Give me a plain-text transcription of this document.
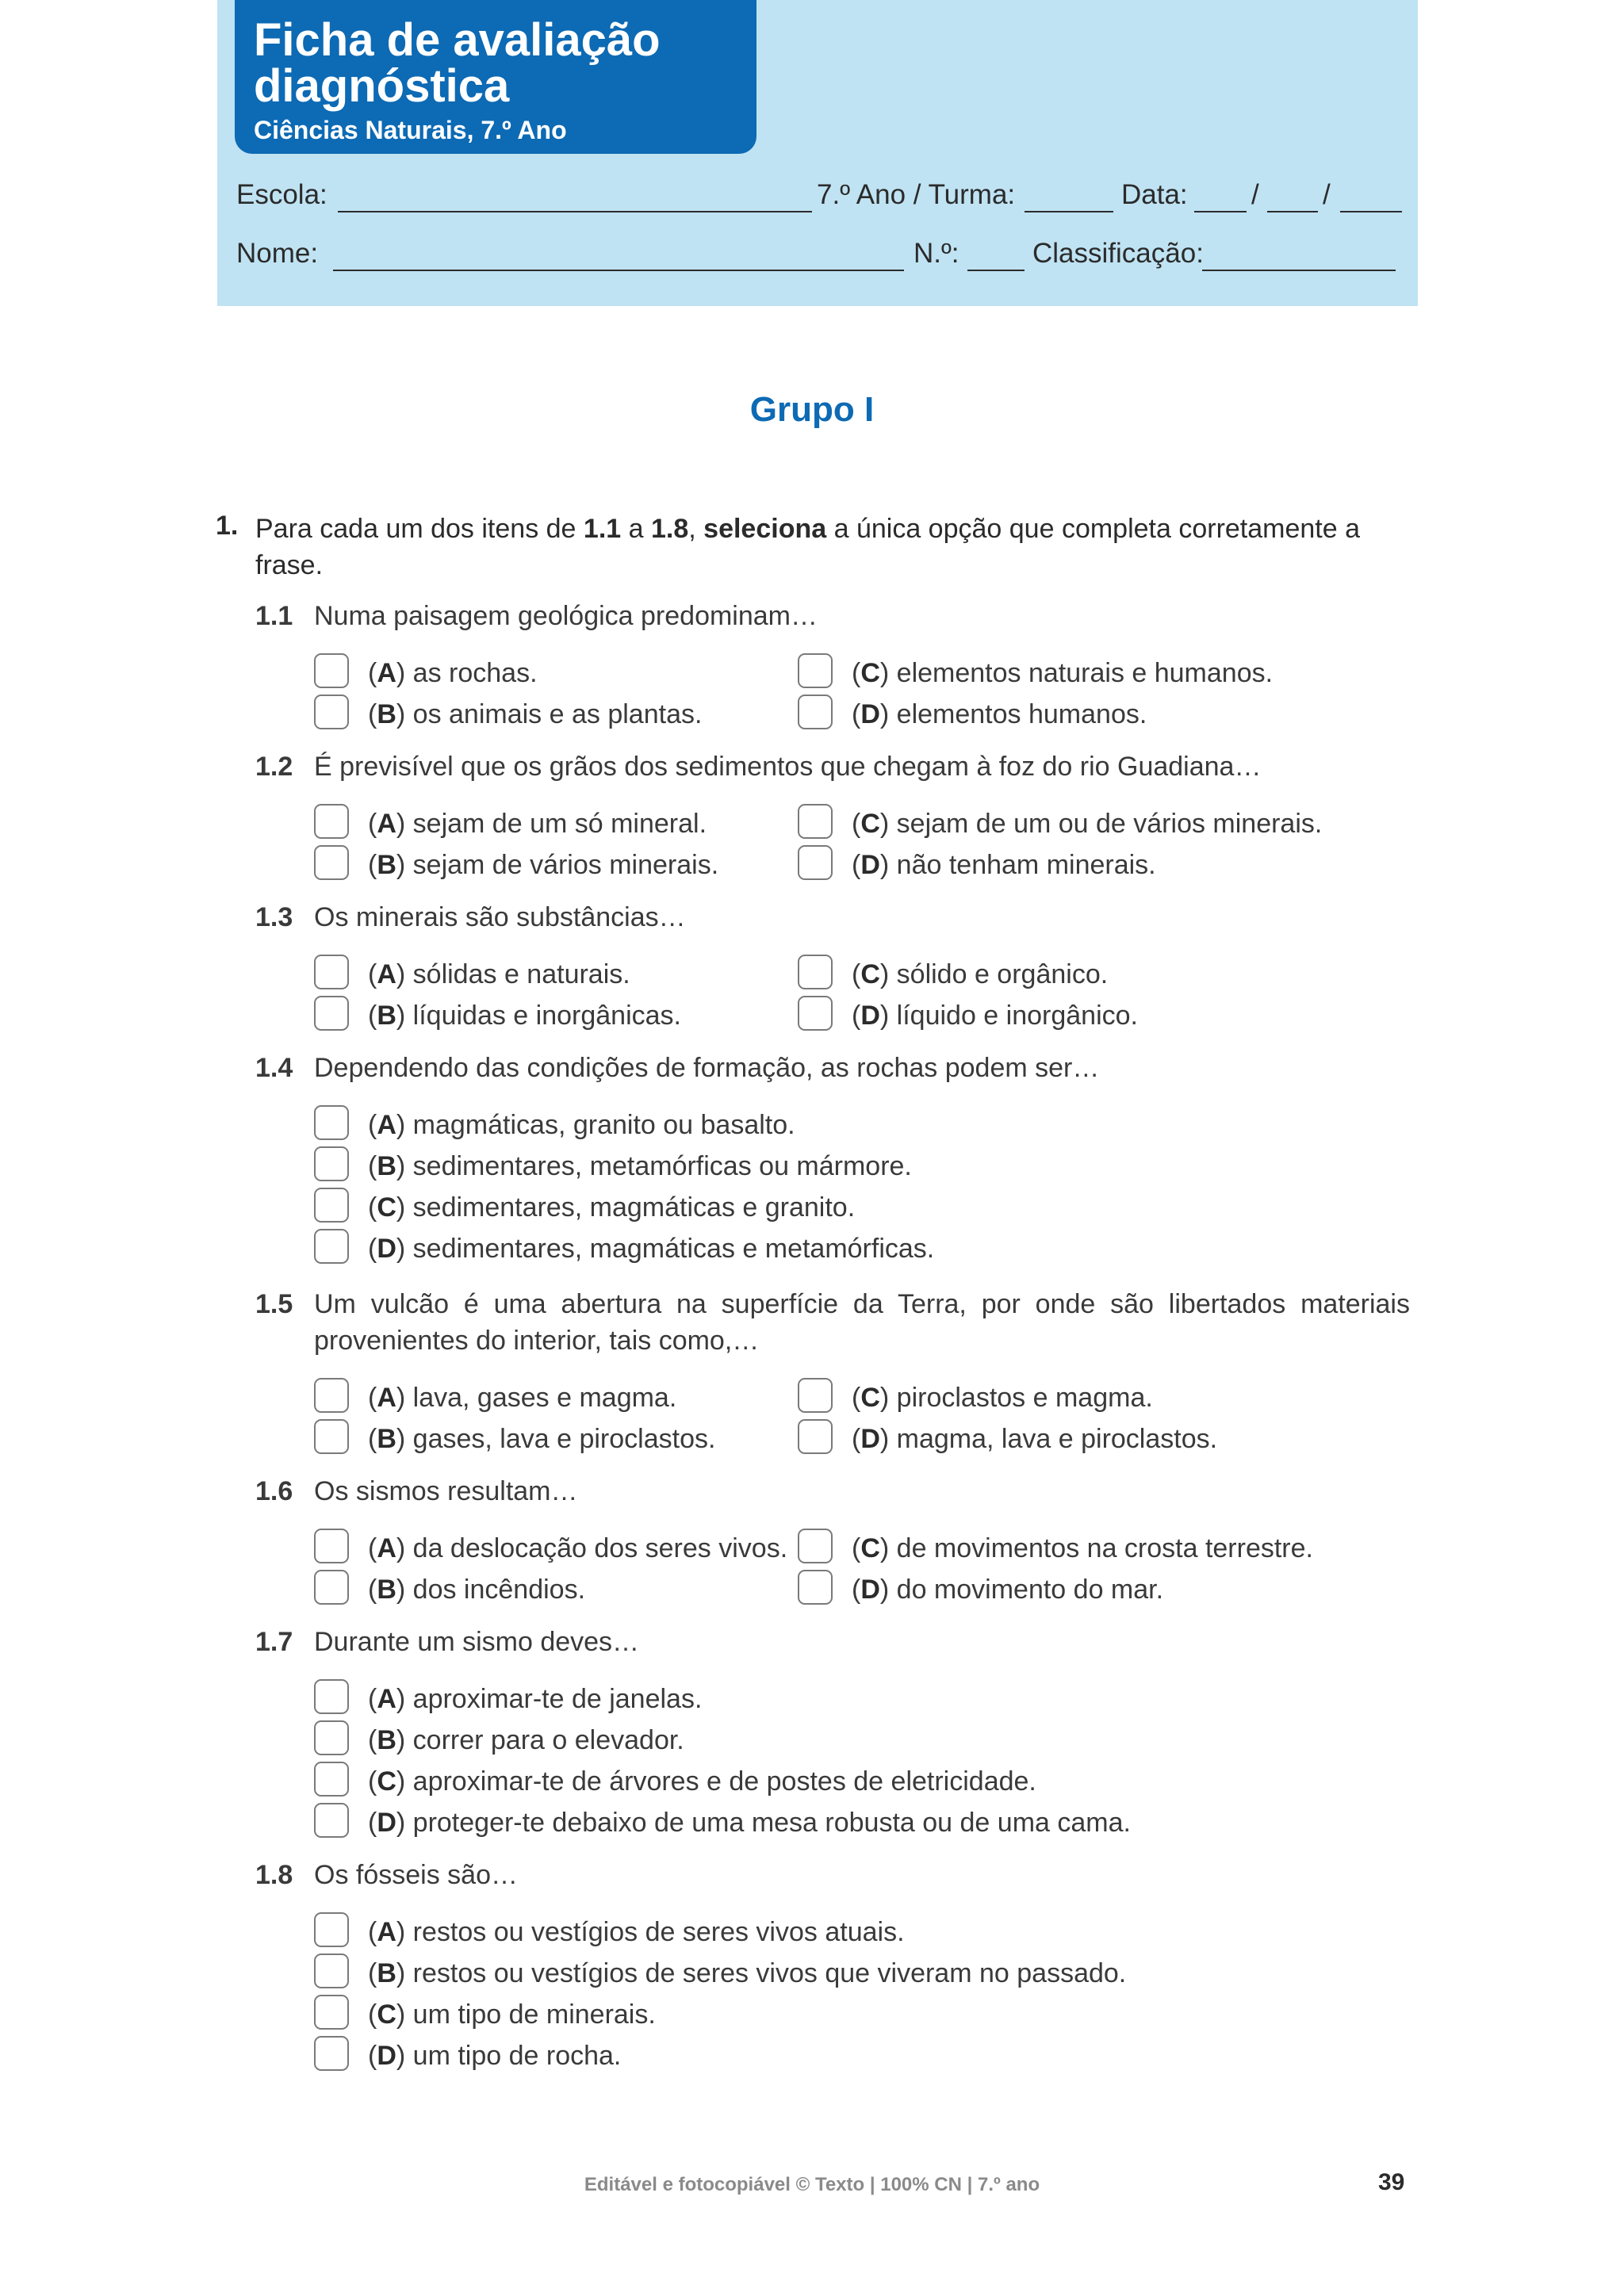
Ficha de avaliação
diagnóstica
Ciências Naturais, 7.º Ano
Escola:	7.º Ano / Turma:	Data: / /
Nome:	N.º:	Classificação:
Grupo I
1. Para cada um dos itens de 1.1 a 1.8, seleciona a única opção que completa corretamente a frase.
1.1 Numa paisagem geológica predominam…
(A) as rochas.
(B) os animais e as plantas.
(C) elementos naturais e humanos.
(D) elementos humanos.
1.2 É previsível que os grãos dos sedimentos que chegam à foz do rio Guadiana…
(A) sejam de um só mineral.
(B) sejam de vários minerais.
(C) sejam de um ou de vários minerais.
(D) não tenham minerais.
1.3 Os minerais são substâncias…
(A) sólidas e naturais.
(B) líquidas e inorgânicas.
(C) sólido e orgânico.
(D) líquido e inorgânico.
1.4 Dependendo das condições de formação, as rochas podem ser…
(A) magmáticas, granito ou basalto.
(B) sedimentares, metamórficas ou mármore.
(C) sedimentares, magmáticas e granito.
(D) sedimentares, magmáticas e metamórficas.
1.5 Um vulcão é uma abertura na superfície da Terra, por onde são libertados materiais provenientes do interior, tais como,…
(A) lava, gases e magma.
(B) gases, lava e piroclastos.
(C) piroclastos e magma.
(D) magma, lava e piroclastos.
1.6 Os sismos resultam…
(A) da deslocação dos seres vivos.
(B) dos incêndios.
(C) de movimentos na crosta terrestre.
(D) do movimento do mar.
1.7 Durante um sismo deves…
(A) aproximar-te de janelas.
(B) correr para o elevador.
(C) aproximar-te de árvores e de postes de eletricidade.
(D) proteger-te debaixo de uma mesa robusta ou de uma cama.
1.8 Os fósseis são…
(A) restos ou vestígios de seres vivos atuais.
(B) restos ou vestígios de seres vivos que viveram no passado.
(C) um tipo de minerais.
(D) um tipo de rocha.
Editável e fotocopiável © Texto | 100% CN | 7.º ano	39
